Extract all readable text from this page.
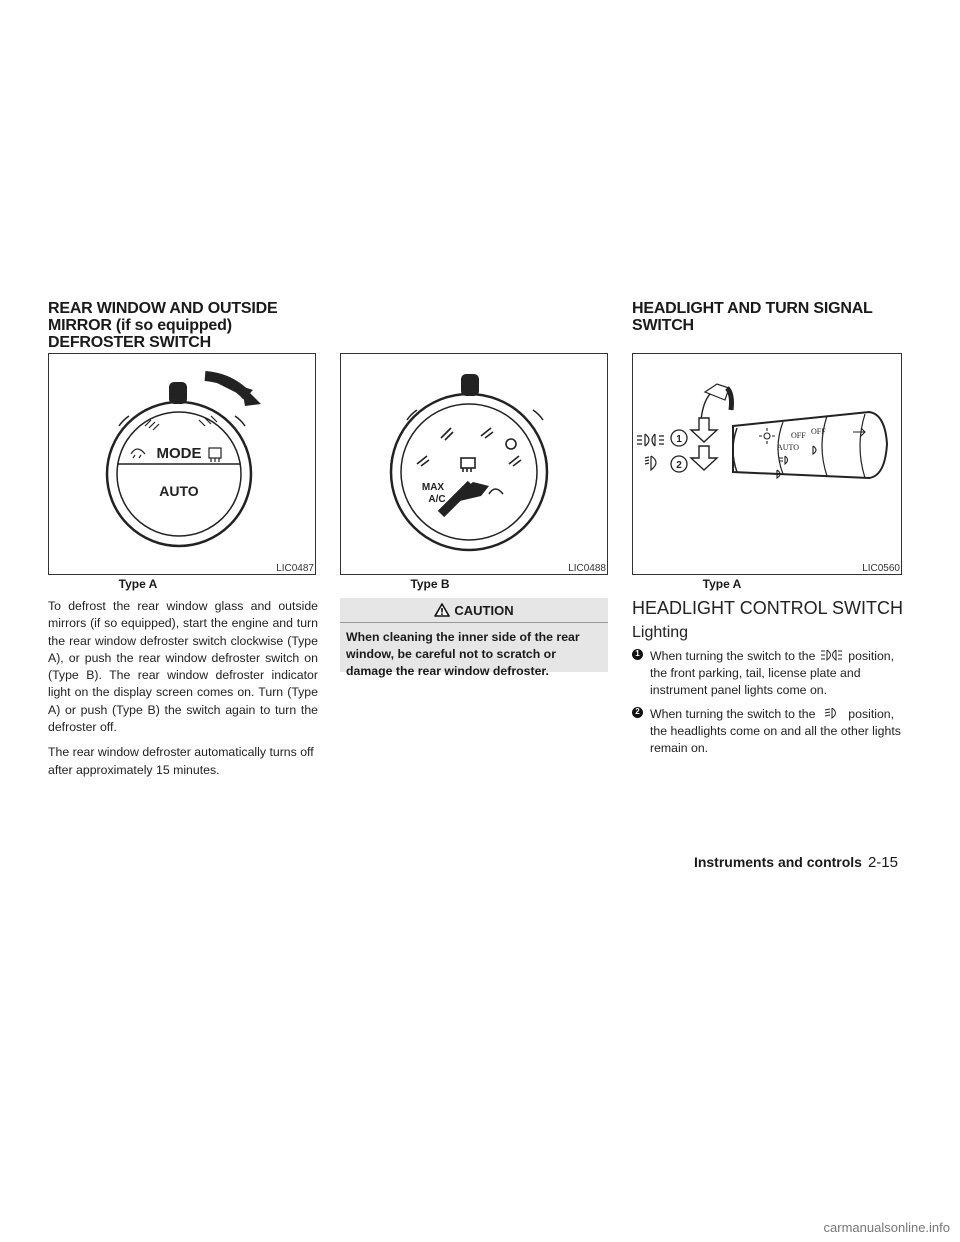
REAR WINDOW AND OUTSIDE
MIRROR (if so equipped)
DEFROSTER SWITCH
HEADLIGHT AND TURN SIGNAL
SWITCH
MODE
AUTO
LIC0487
Type A
MAX
A/C
LIC0488
Type B
1
2
OFF
AUTO
OFF
LIC0560
Type A

To defrost the rear window glass and outside mirrors (if so equipped), start the engine and turn the rear window defroster switch clockwise (Type A), or push the rear window defroster switch on (Type B). The rear window defroster indicator light on the display screen comes on. Turn (Type A) or push (Type B) the switch again to turn the defroster off.

The rear window defroster automatically turns off after approximately 15 minutes.

CAUTION
When cleaning the inner side of the rear window, be careful not to scratch or damage the rear window defroster.
HEADLIGHT CONTROL SWITCH
Lighting
1 When turning the switch to the	position, the front parking, tail, license plate and instrument panel lights come on.
2 When turning the switch to the	position, the headlights come on and all the other lights remain on.
Instruments and controls 2-15
carmanualsonline.info
